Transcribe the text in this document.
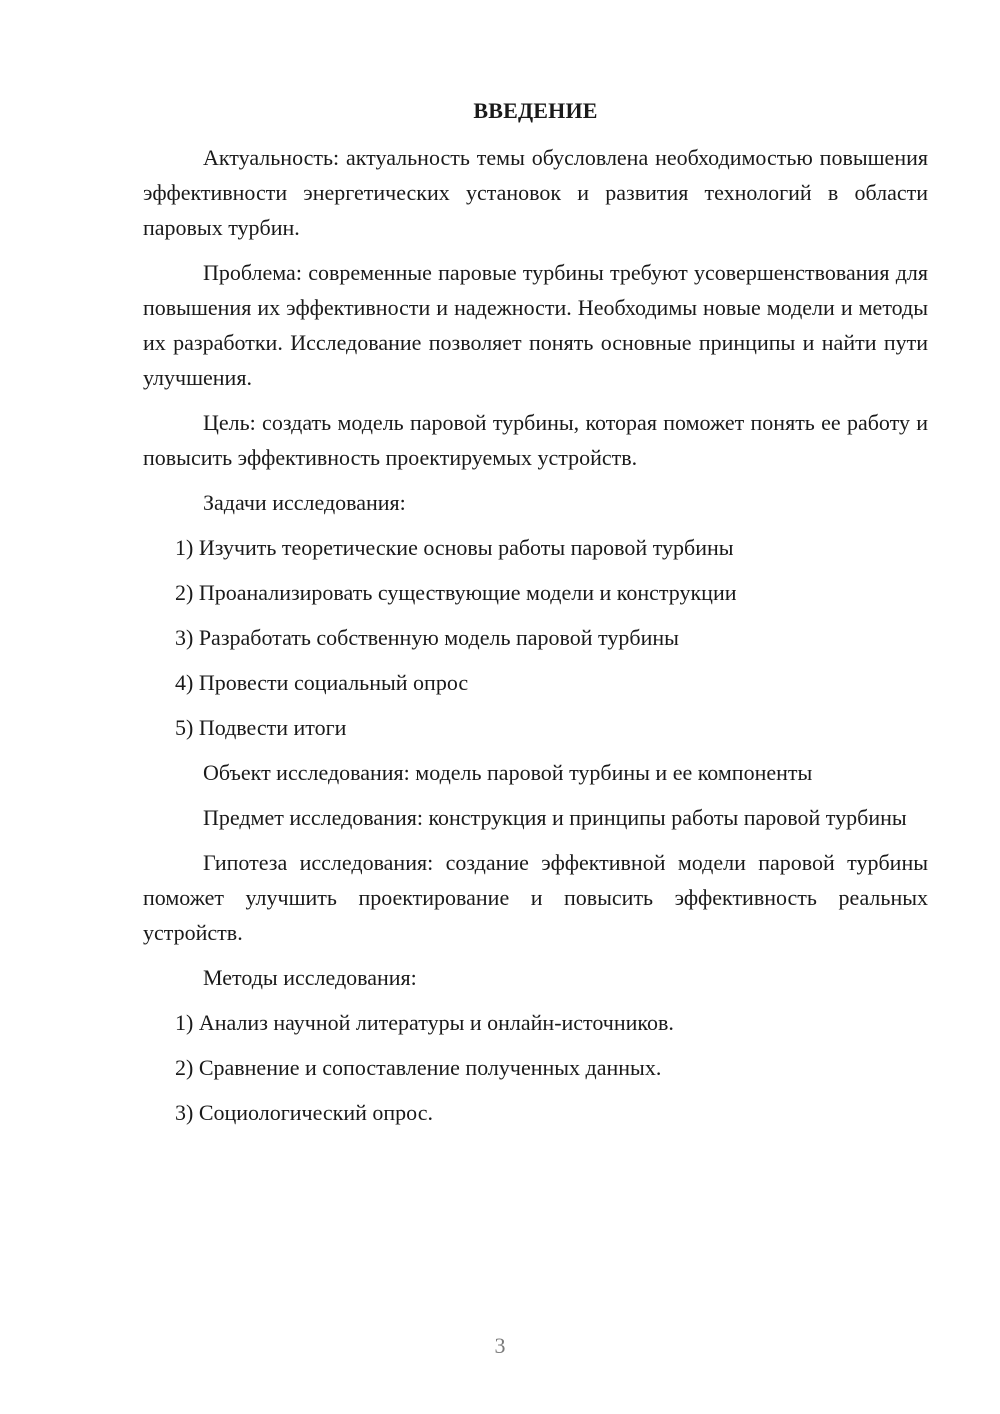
ВВЕДЕНИЕ

Актуальность: актуальность темы обусловлена необходимостью повышения эффективности энергетических установок и развития технологий в области паровых турбин.

Проблема: современные паровые турбины требуют усовершенствования для повышения их эффективности и надежности. Необходимы новые модели и методы их разработки. Исследование позволяет понять основные принципы и найти пути улучшения.

Цель: создать модель паровой турбины, которая поможет понять ее работу и повысить эффективность проектируемых устройств.

Задачи исследования:

1) Изучить теоретические основы работы паровой турбины
2) Проанализировать существующие модели и конструкции
3) Разработать собственную модель паровой турбины
4) Провести социальный опрос
5) Подвести итоги

Объект исследования: модель паровой турбины и ее компоненты

Предмет исследования: конструкция и принципы работы паровой турбины

Гипотеза исследования: создание эффективной модели паровой турбины поможет улучшить проектирование и повысить эффективность реальных устройств.

Методы исследования:

1) Анализ научной литературы и онлайн-источников.
2) Сравнение и сопоставление полученных данных.
3) Социологический опрос.
3
